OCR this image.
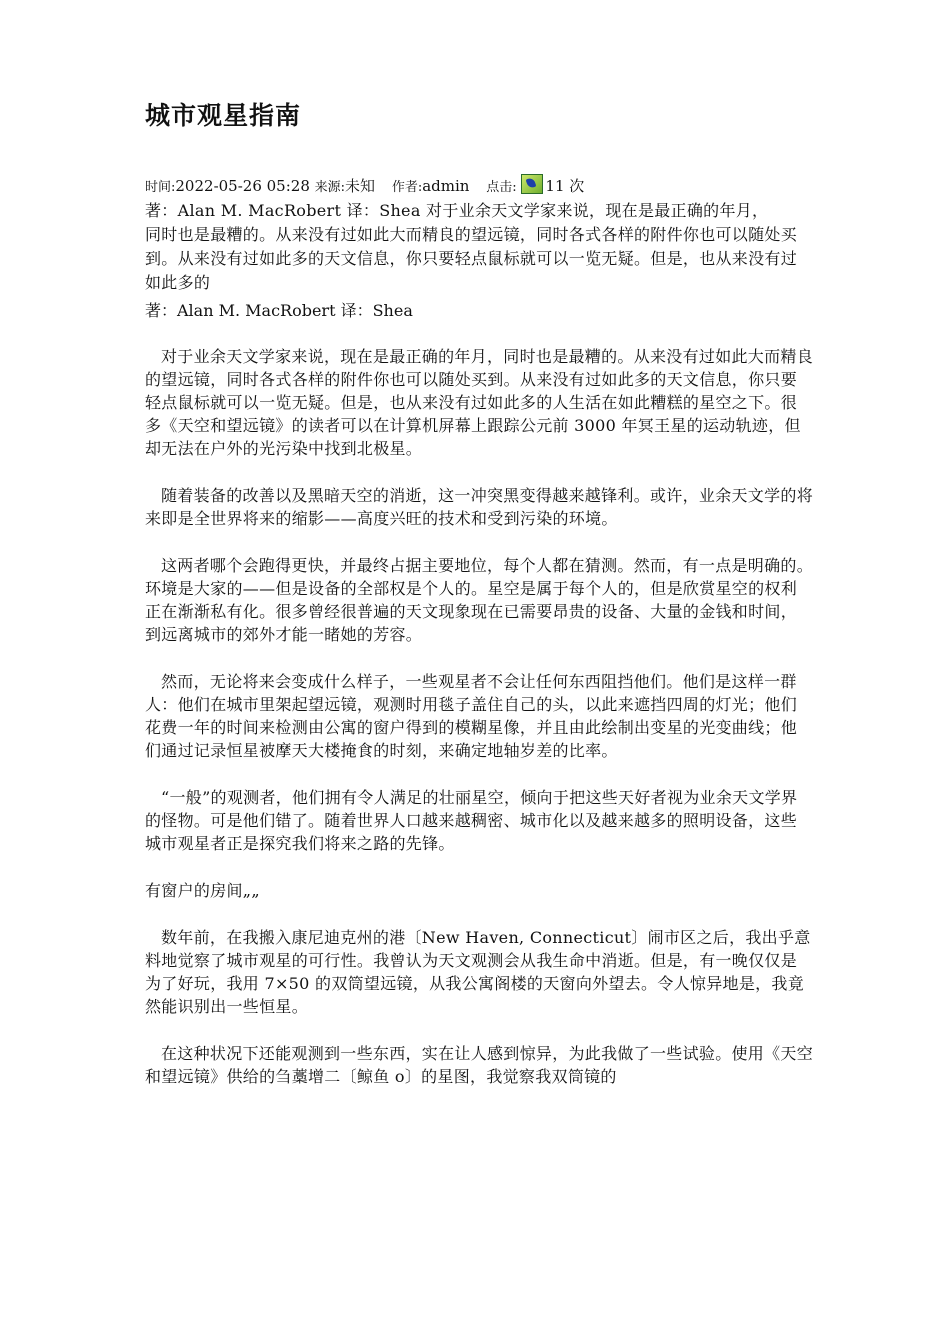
城市观星指南

时间:2022-05-26 05:28 来源:未知 作者:admin 点击: 11 次

著：Alan M. MacRobert 译：Shea 对于业余天文学家来说，现在是最正确的年月，

同时也是最糟的。从来没有过如此大而精良的望远镜，同时各式各样的附件你也可以随处买到。从来没有过如此多的天文信息，你只要轻点鼠标就可以一览无疑。但是，也从来没有过如此多的

著：Alan M. MacRobert 译：Shea

对于业余天文学家来说，现在是最正确的年月，同时也是最糟的。从来没有过如此大而精良的望远镜，同时各式各样的附件你也可以随处买到。从来没有过如此多的天文信息，你只要轻点鼠标就可以一览无疑。但是，也从来没有过如此多的人生活在如此糟糕的星空之下。很多《天空和望远镜》的读者可以在计算机屏幕上跟踪公元前 3000 年冥王星的运动轨迹，但却无法在户外的光污染中找到北极星。

随着装备的改善以及黑暗天空的消逝，这一冲突黑变得越来越锋利。或许，业余天文学的将来即是全世界将来的缩影——高度兴旺的技术和受到污染的环境。

这两者哪个会跑得更快，并最终占据主要地位，每个人都在猜测。然而，有一点是明确的。环境是大家的——但是设备的全部权是个人的。星空是属于每个人的，但是欣赏星空的权利正在渐渐私有化。很多曾经很普遍的天文现象现在已需要昂贵的设备、大量的金钱和时间，到远离城市的郊外才能一睹她的芳容。

然而，无论将来会变成什么样子，一些观星者不会让任何东西阻挡他们。他们是这样一群人：他们在城市里架起望远镜，观测时用毯子盖住自己的头，以此来遮挡四周的灯光；他们花费一年的时间来检测由公寓的窗户得到的模糊星像，并且由此绘制出变星的光变曲线；他们通过记录恒星被摩天大楼掩食的时刻，来确定地轴岁差的比率。

“一般”的观测者，他们拥有令人满足的壮丽星空，倾向于把这些天好者视为业余天文学界的怪物。可是他们错了。随着世界人口越来越稠密、城市化以及越来越多的照明设备，这些城市观星者正是探究我们将来之路的先锋。

有窗户的房间„„

数年前，在我搬入康尼迪克州的港〔New Haven, Connecticut〕闹市区之后，我出乎意料地觉察了城市观星的可行性。我曾认为天文观测会从我生命中消逝。但是，有一晚仅仅是为了好玩，我用 7×50 的双筒望远镜，从我公寓阁楼的天窗向外望去。令人惊异地是，我竟然能识别出一些恒星。

在这种状况下还能观测到一些东西，实在让人感到惊异，为此我做了一些试验。使用《天空和望远镜》供给的刍藁增二〔鲸鱼 o〕的星图，我觉察我双筒镜的
